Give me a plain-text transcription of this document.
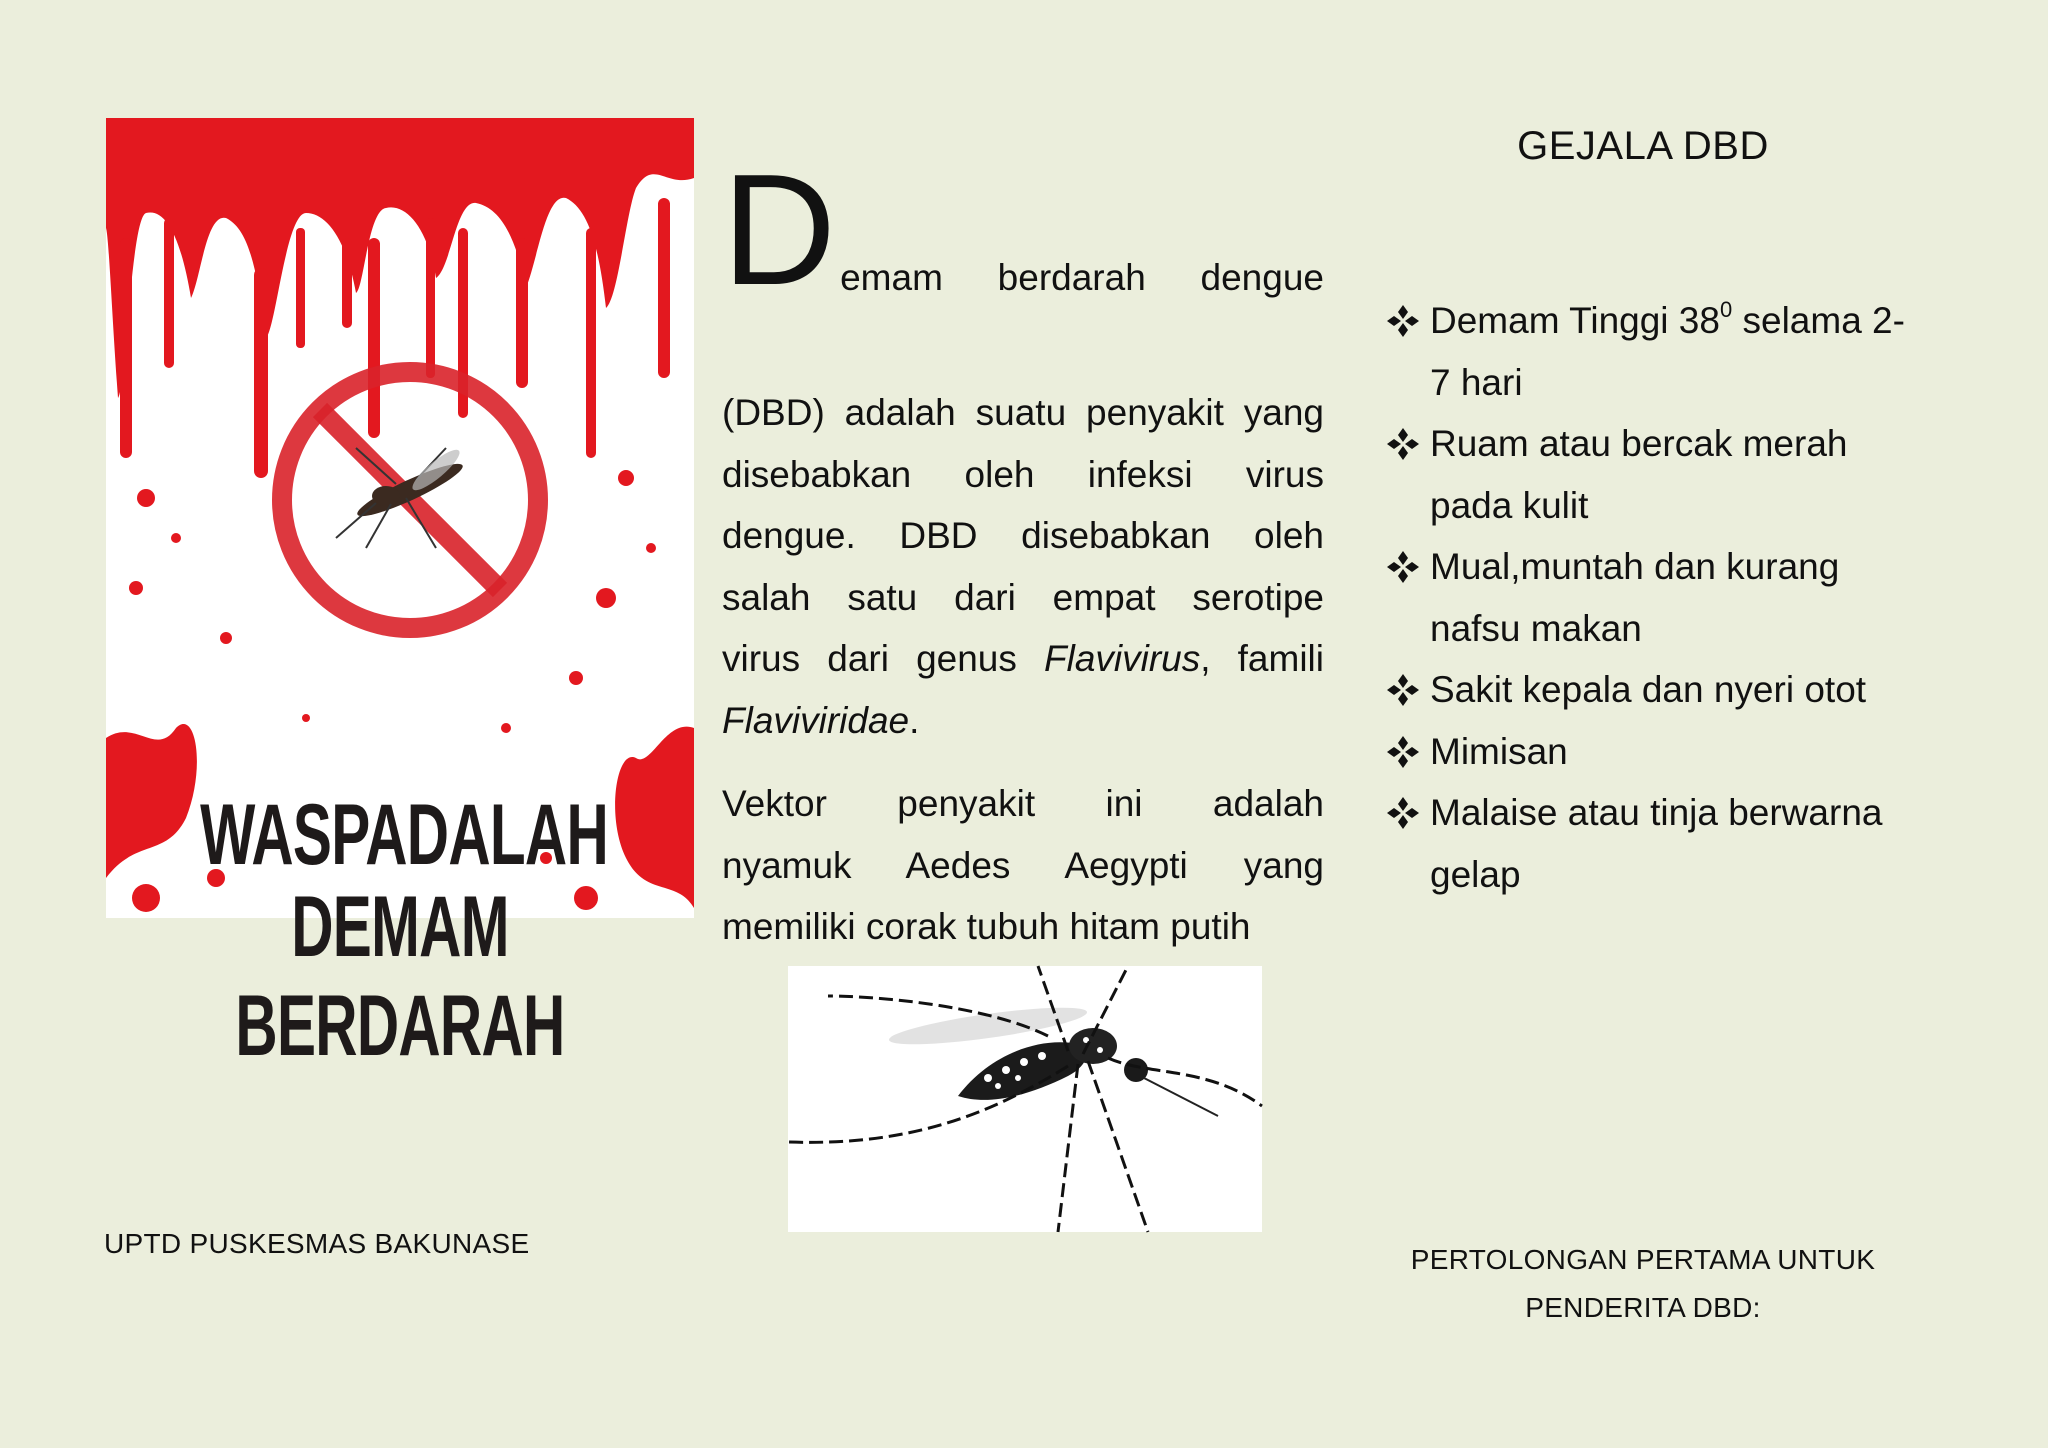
WASPADALAH
DEMAM BERDARAH
D emam berdarah dengue
(DBD) adalah suatu penyakit yang
disebabkan oleh infeksi virus
dengue. DBD disebabkan oleh
salah satu dari empat serotipe
virus dari genus Flavivirus, famili
Flaviviridae.
Vektor penyakit ini adalah
nyamuk Aedes Aegypti yang
memiliki corak tubuh hitam putih
GEJALA DBD
Demam Tinggi $38^0$ selama 2-
7 hari
Ruam atau bercak merah
pada kulit
Mual,muntah dan kurang
nafsu makan
Sakit kepala dan nyeri otot
Mimisan
Malaise atau tinja berwarna
gelap
UPTD PUSKESMAS BAKUNASE
PERTOLONGAN PERTAMA UNTUK
PENDERITA DBD:
